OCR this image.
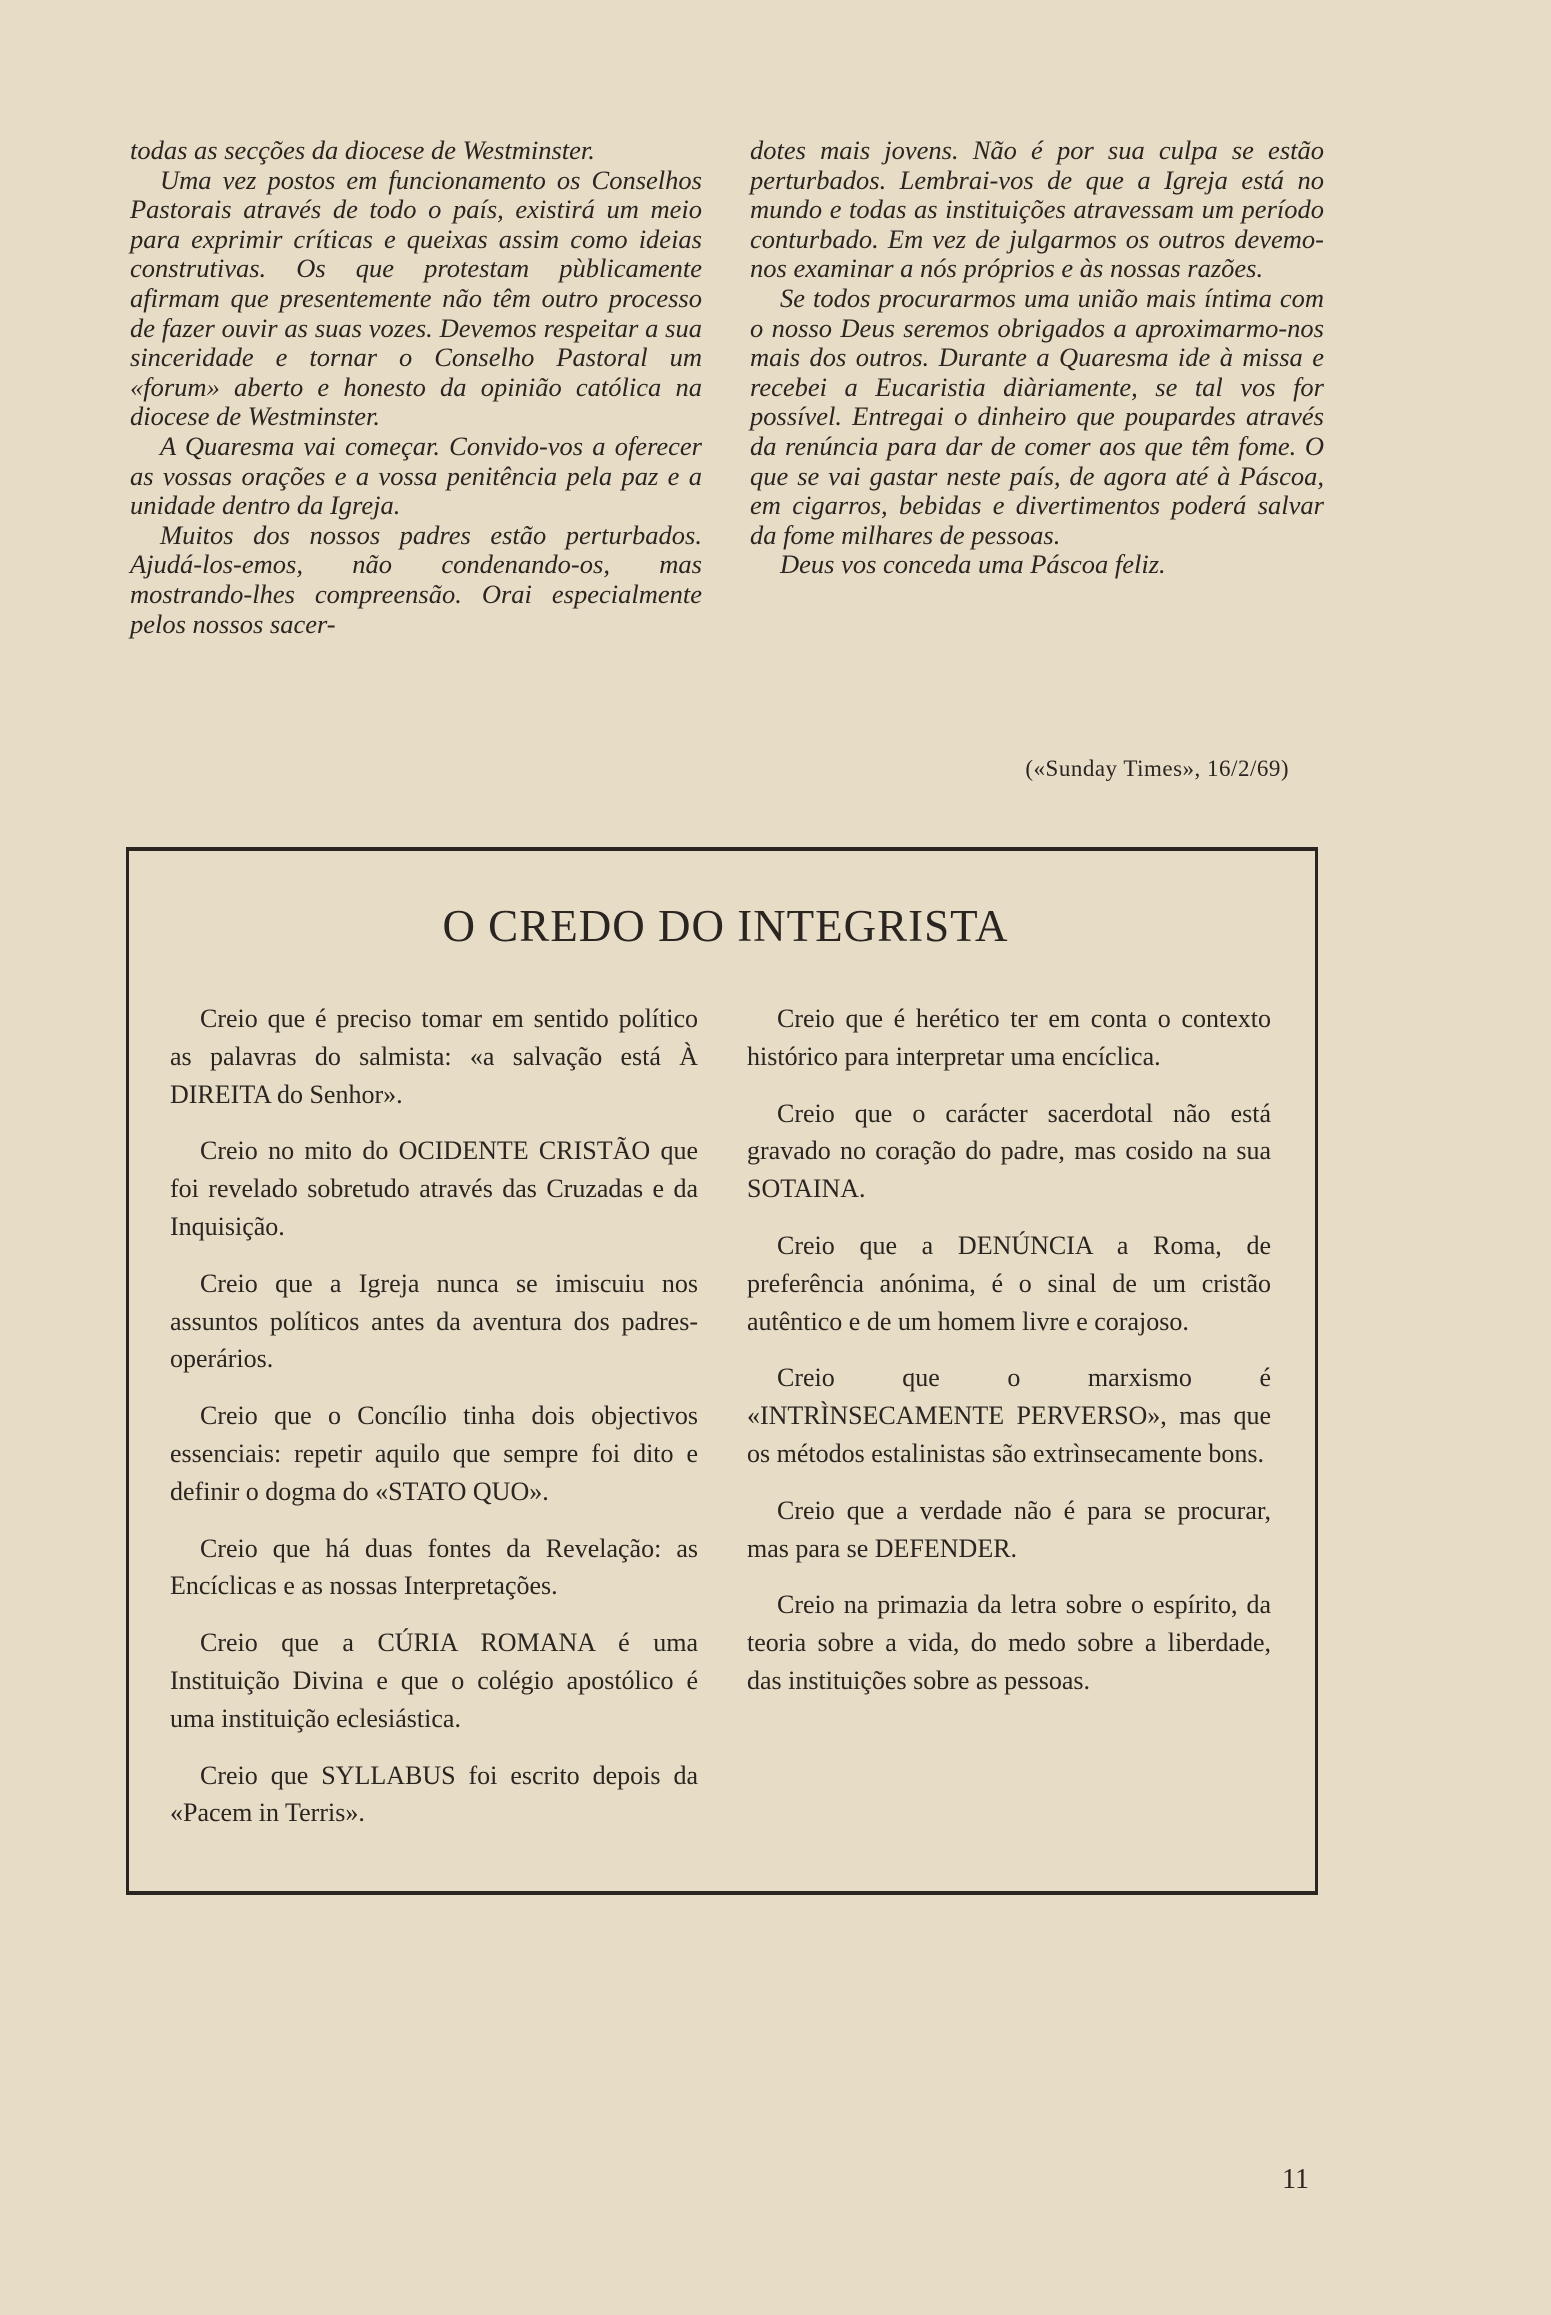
todas as secções da diocese de Westminster.

Uma vez postos em funcionamento os Conselhos Pastorais através de todo o país, existirá um meio para exprimir críticas e queixas assim como ideias construtivas. Os que protestam pùblicamente afirmam que presentemente não têm outro processo de fazer ouvir as suas vozes. Devemos respeitar a sua sinceridade e tornar o Conselho Pastoral um «forum» aberto e honesto da opinião católica na diocese de Westminster.

A Quaresma vai começar. Convido-vos a oferecer as vossas orações e a vossa penitência pela paz e a unidade dentro da Igreja.

Muitos dos nossos padres estão perturbados. Ajudá-los-emos, não condenando-os, mas mostrando-lhes compreensão. Orai especialmente pelos nossos sacer-

dotes mais jovens. Não é por sua culpa se estão perturbados. Lembrai-vos de que a Igreja está no mundo e todas as instituições atravessam um período conturbado. Em vez de julgarmos os outros devemo-nos examinar a nós próprios e às nossas razões.

Se todos procurarmos uma união mais íntima com o nosso Deus seremos obrigados a aproximarmo-nos mais dos outros. Durante a Quaresma ide à missa e recebei a Eucaristia diàriamente, se tal vos for possível. Entregai o dinheiro que poupardes através da renúncia para dar de comer aos que têm fome. O que se vai gastar neste país, de agora até à Páscoa, em cigarros, bebidas e divertimentos poderá salvar da fome milhares de pessoas.

Deus vos conceda uma Páscoa feliz.

(«Sunday Times», 16/2/69)
O CREDO DO INTEGRISTA

Creio que é preciso tomar em sentido político as palavras do salmista: «a salvação está À DIREITA do Senhor».

Creio no mito do OCIDENTE CRISTÃO que foi revelado sobretudo através das Cruzadas e da Inquisição.

Creio que a Igreja nunca se imiscuiu nos assuntos políticos antes da aventura dos padres-operários.

Creio que o Concílio tinha dois objectivos essenciais: repetir aquilo que sempre foi dito e definir o dogma do «STATO QUO».

Creio que há duas fontes da Revelação: as Encíclicas e as nossas Interpretações.

Creio que a CÚRIA ROMANA é uma Instituição Divina e que o colégio apostólico é uma instituição eclesiástica.

Creio que SYLLABUS foi escrito depois da «Pacem in Terris».

Creio que é herético ter em conta o contexto histórico para interpretar uma encíclica.

Creio que o carácter sacerdotal não está gravado no coração do padre, mas cosido na sua SOTAINA.

Creio que a DENÚNCIA a Roma, de preferência anónima, é o sinal de um cristão autêntico e de um homem livre e corajoso.

Creio que o marxismo é «INTRÌNSECAMENTE PERVERSO», mas que os métodos estalinistas são extrìnsecamente bons.

Creio que a verdade não é para se procurar, mas para se DEFENDER.

Creio na primazia da letra sobre o espírito, da teoria sobre a vida, do medo sobre a liberdade, das instituições sobre as pessoas.

11
